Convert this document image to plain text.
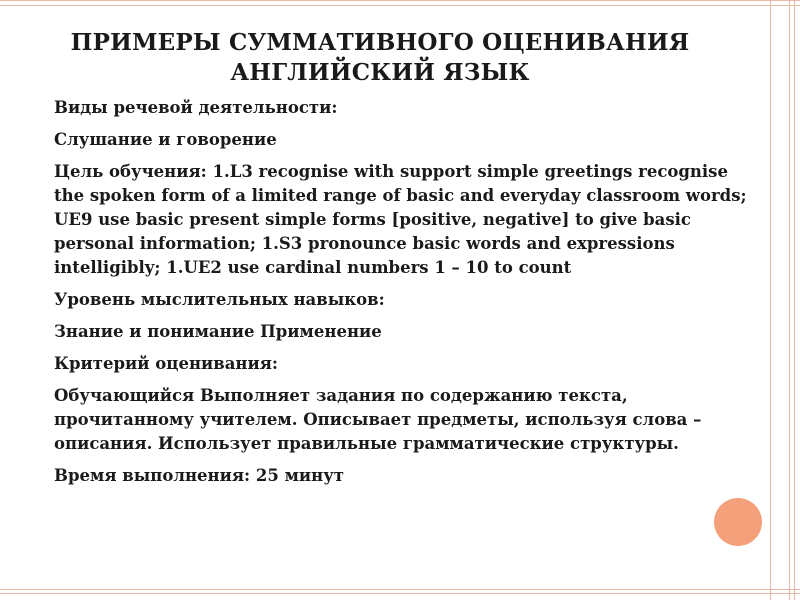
ПРИМЕРЫ СУММАТИВНОГО ОЦЕНИВАНИЯ
АНГЛИЙСКИЙ ЯЗЫК
Виды речевой деятельности:
Слушание и говорение
Цель обучения: 1.L3 recognise with support simple greetings recognise the spoken form of a limited range of basic and everyday classroom words; UE9 use basic present simple forms [positive, negative] to give basic personal information; 1.S3 pronounce basic words and expressions intelligibly; 1.UE2 use cardinal numbers 1 – 10 to count
Уровень мыслительных навыков:
Знание и понимание Применение
Критерий оценивания:
Обучающийся Выполняет задания по содержанию текста, прочитанному учителем. Описывает предметы, используя слова – описания. Использует правильные грамматические структуры.
Время выполнения: 25 минут
